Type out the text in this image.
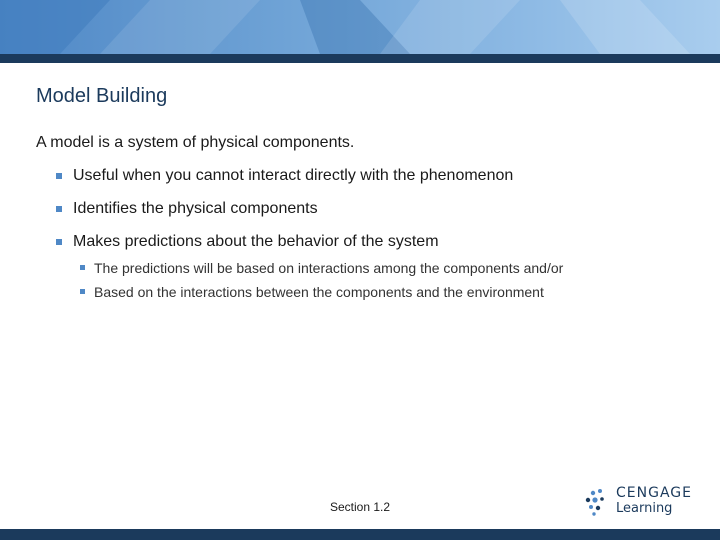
Model Building
A model is a system of physical components.
Useful when you cannot interact directly with the phenomenon
Identifies the physical components
Makes predictions about the behavior of the system
The predictions will be based on interactions among the components and/or
Based on the interactions between the components and the environment
Section 1.2
CENGAGE
Learning
